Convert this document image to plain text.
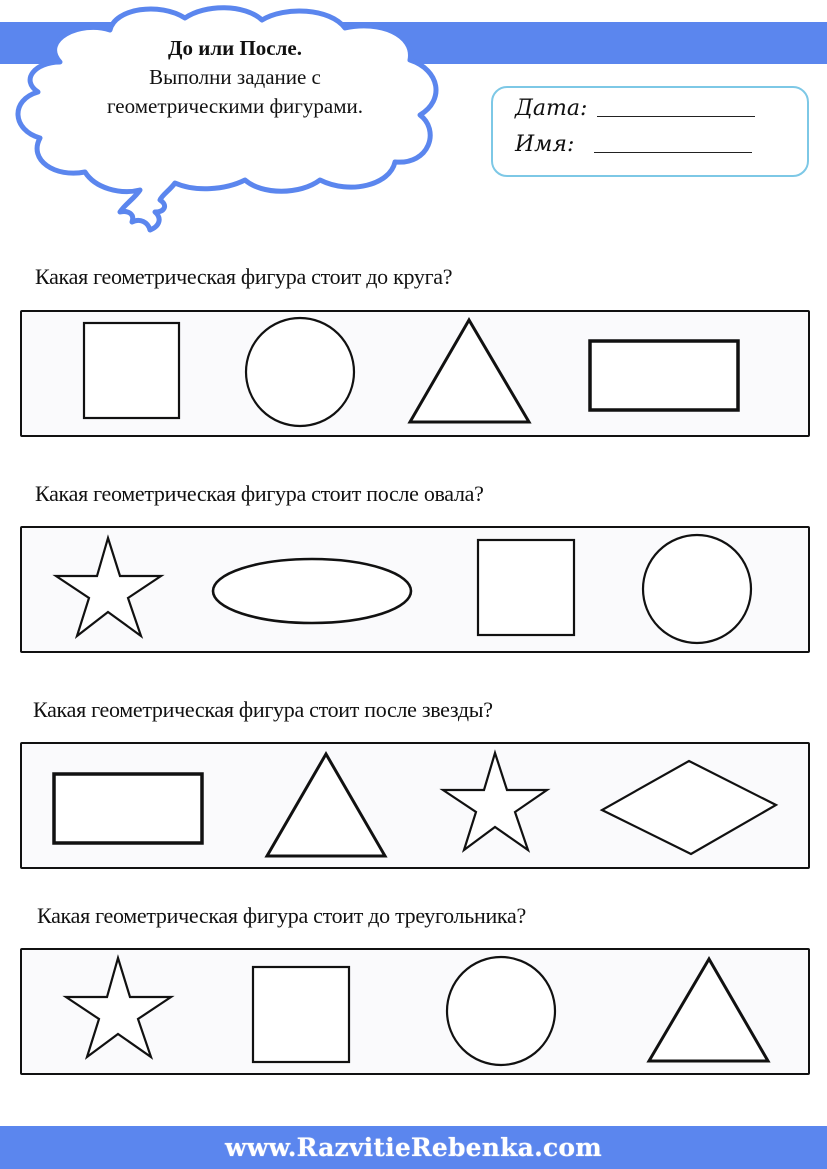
До или После.
Выполни задание с
геометрическими фигурами.	Дата:
Имя:
Какая геометрическая фигура стоит до круга?
Какая геометрическая фигура стоит после овала?
Какая геометрическая фигура стоит после звезды?
Какая геометрическая фигура стоит до треугольника?
www.RazvitieRebenka.com
